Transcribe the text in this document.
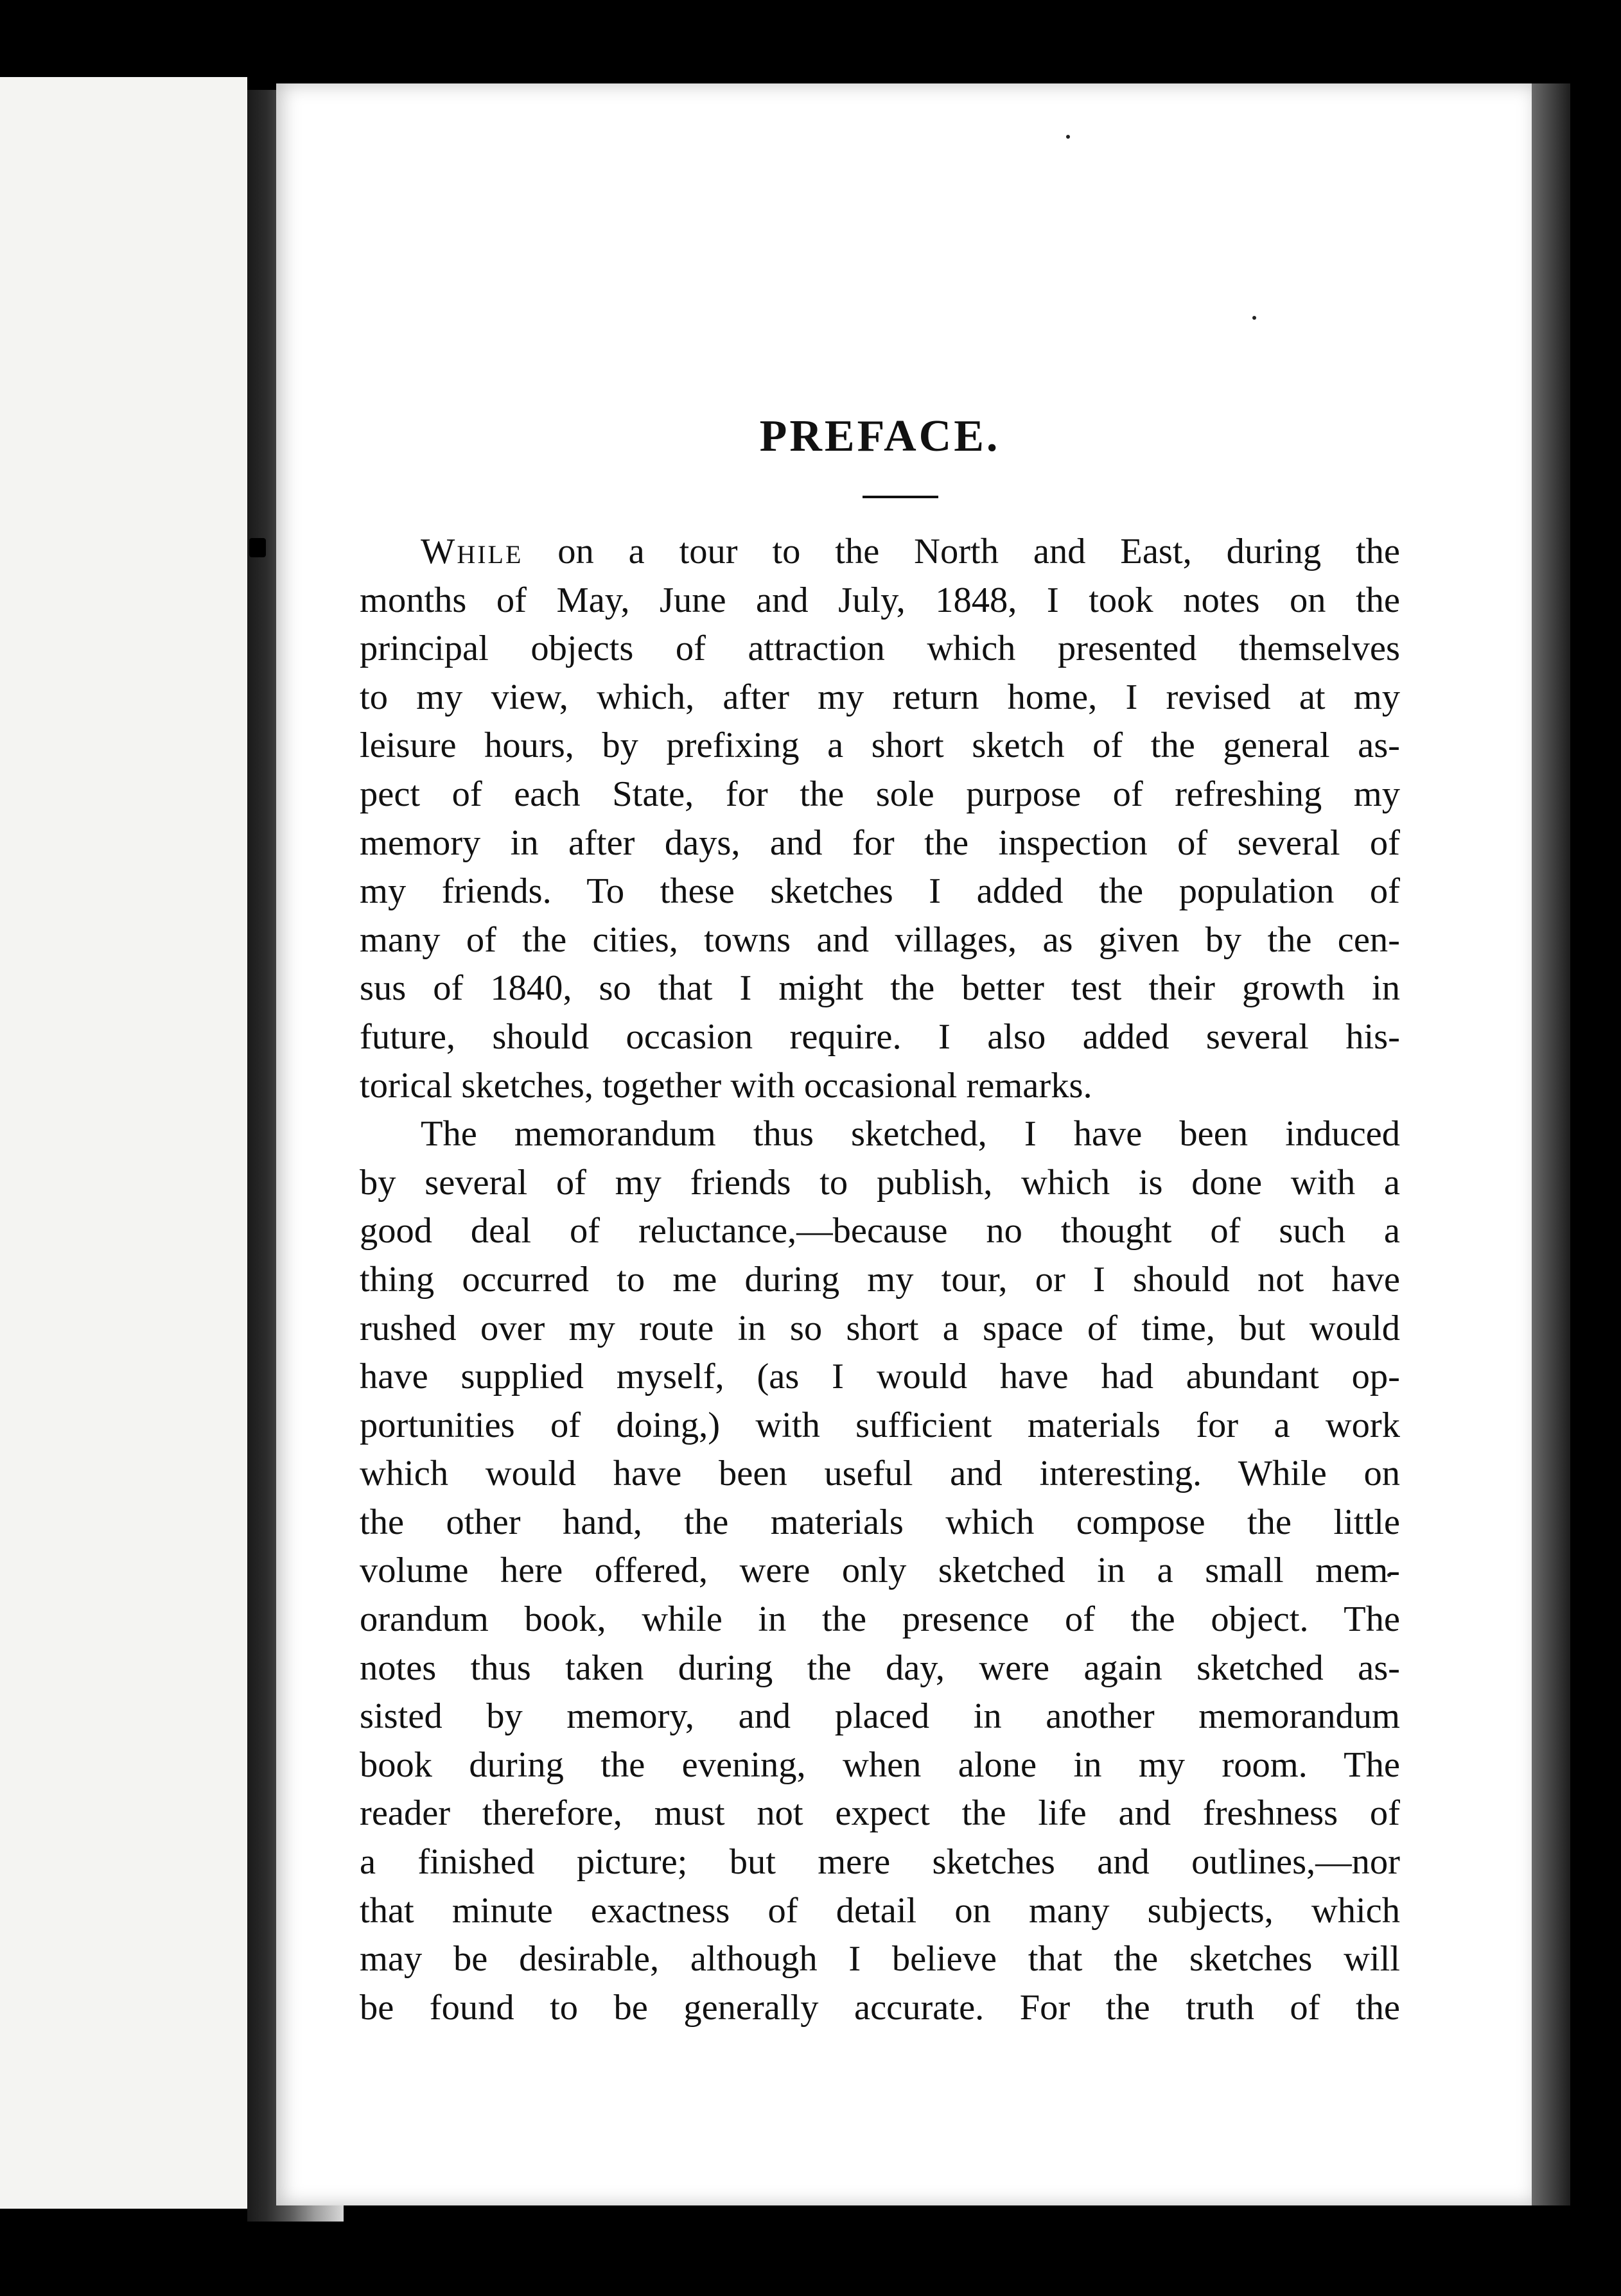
PREFACE.
While on a tour to the North and East, during the
months of May, June and July, 1848, I took notes on the
principal objects of attraction which presented themselves
to my view, which, after my return home, I revised at my
leisure hours, by prefixing a short sketch of the general as-
pect of each State, for the sole purpose of refreshing my
memory in after days, and for the inspection of several of
my friends. To these sketches I added the population of
many of the cities, towns and villages, as given by the cen-
sus of 1840, so that I might the better test their growth in
future, should occasion require. I also added several his-
torical sketches, together with occasional remarks.
The memorandum thus sketched, I have been induced
by several of my friends to publish, which is done with a
good deal of reluctance,—because no thought of such a
thing occurred to me during my tour, or I should not have
rushed over my route in so short a space of time, but would
have supplied myself, (as I would have had abundant op-
portunities of doing,) with sufficient materials for a work
which would have been useful and interesting. While on
the other hand, the materials which compose the little
volume here offered, were only sketched in a small mem-
orandum book, while in the presence of the object. The
notes thus taken during the day, were again sketched as-
sisted by memory, and placed in another memorandum
book during the evening, when alone in my room. The
reader therefore, must not expect the life and freshness of
a finished picture; but mere sketches and outlines,—nor
that minute exactness of detail on many subjects, which
may be desirable, although I believe that the sketches will
be found to be generally accurate. For the truth of the
